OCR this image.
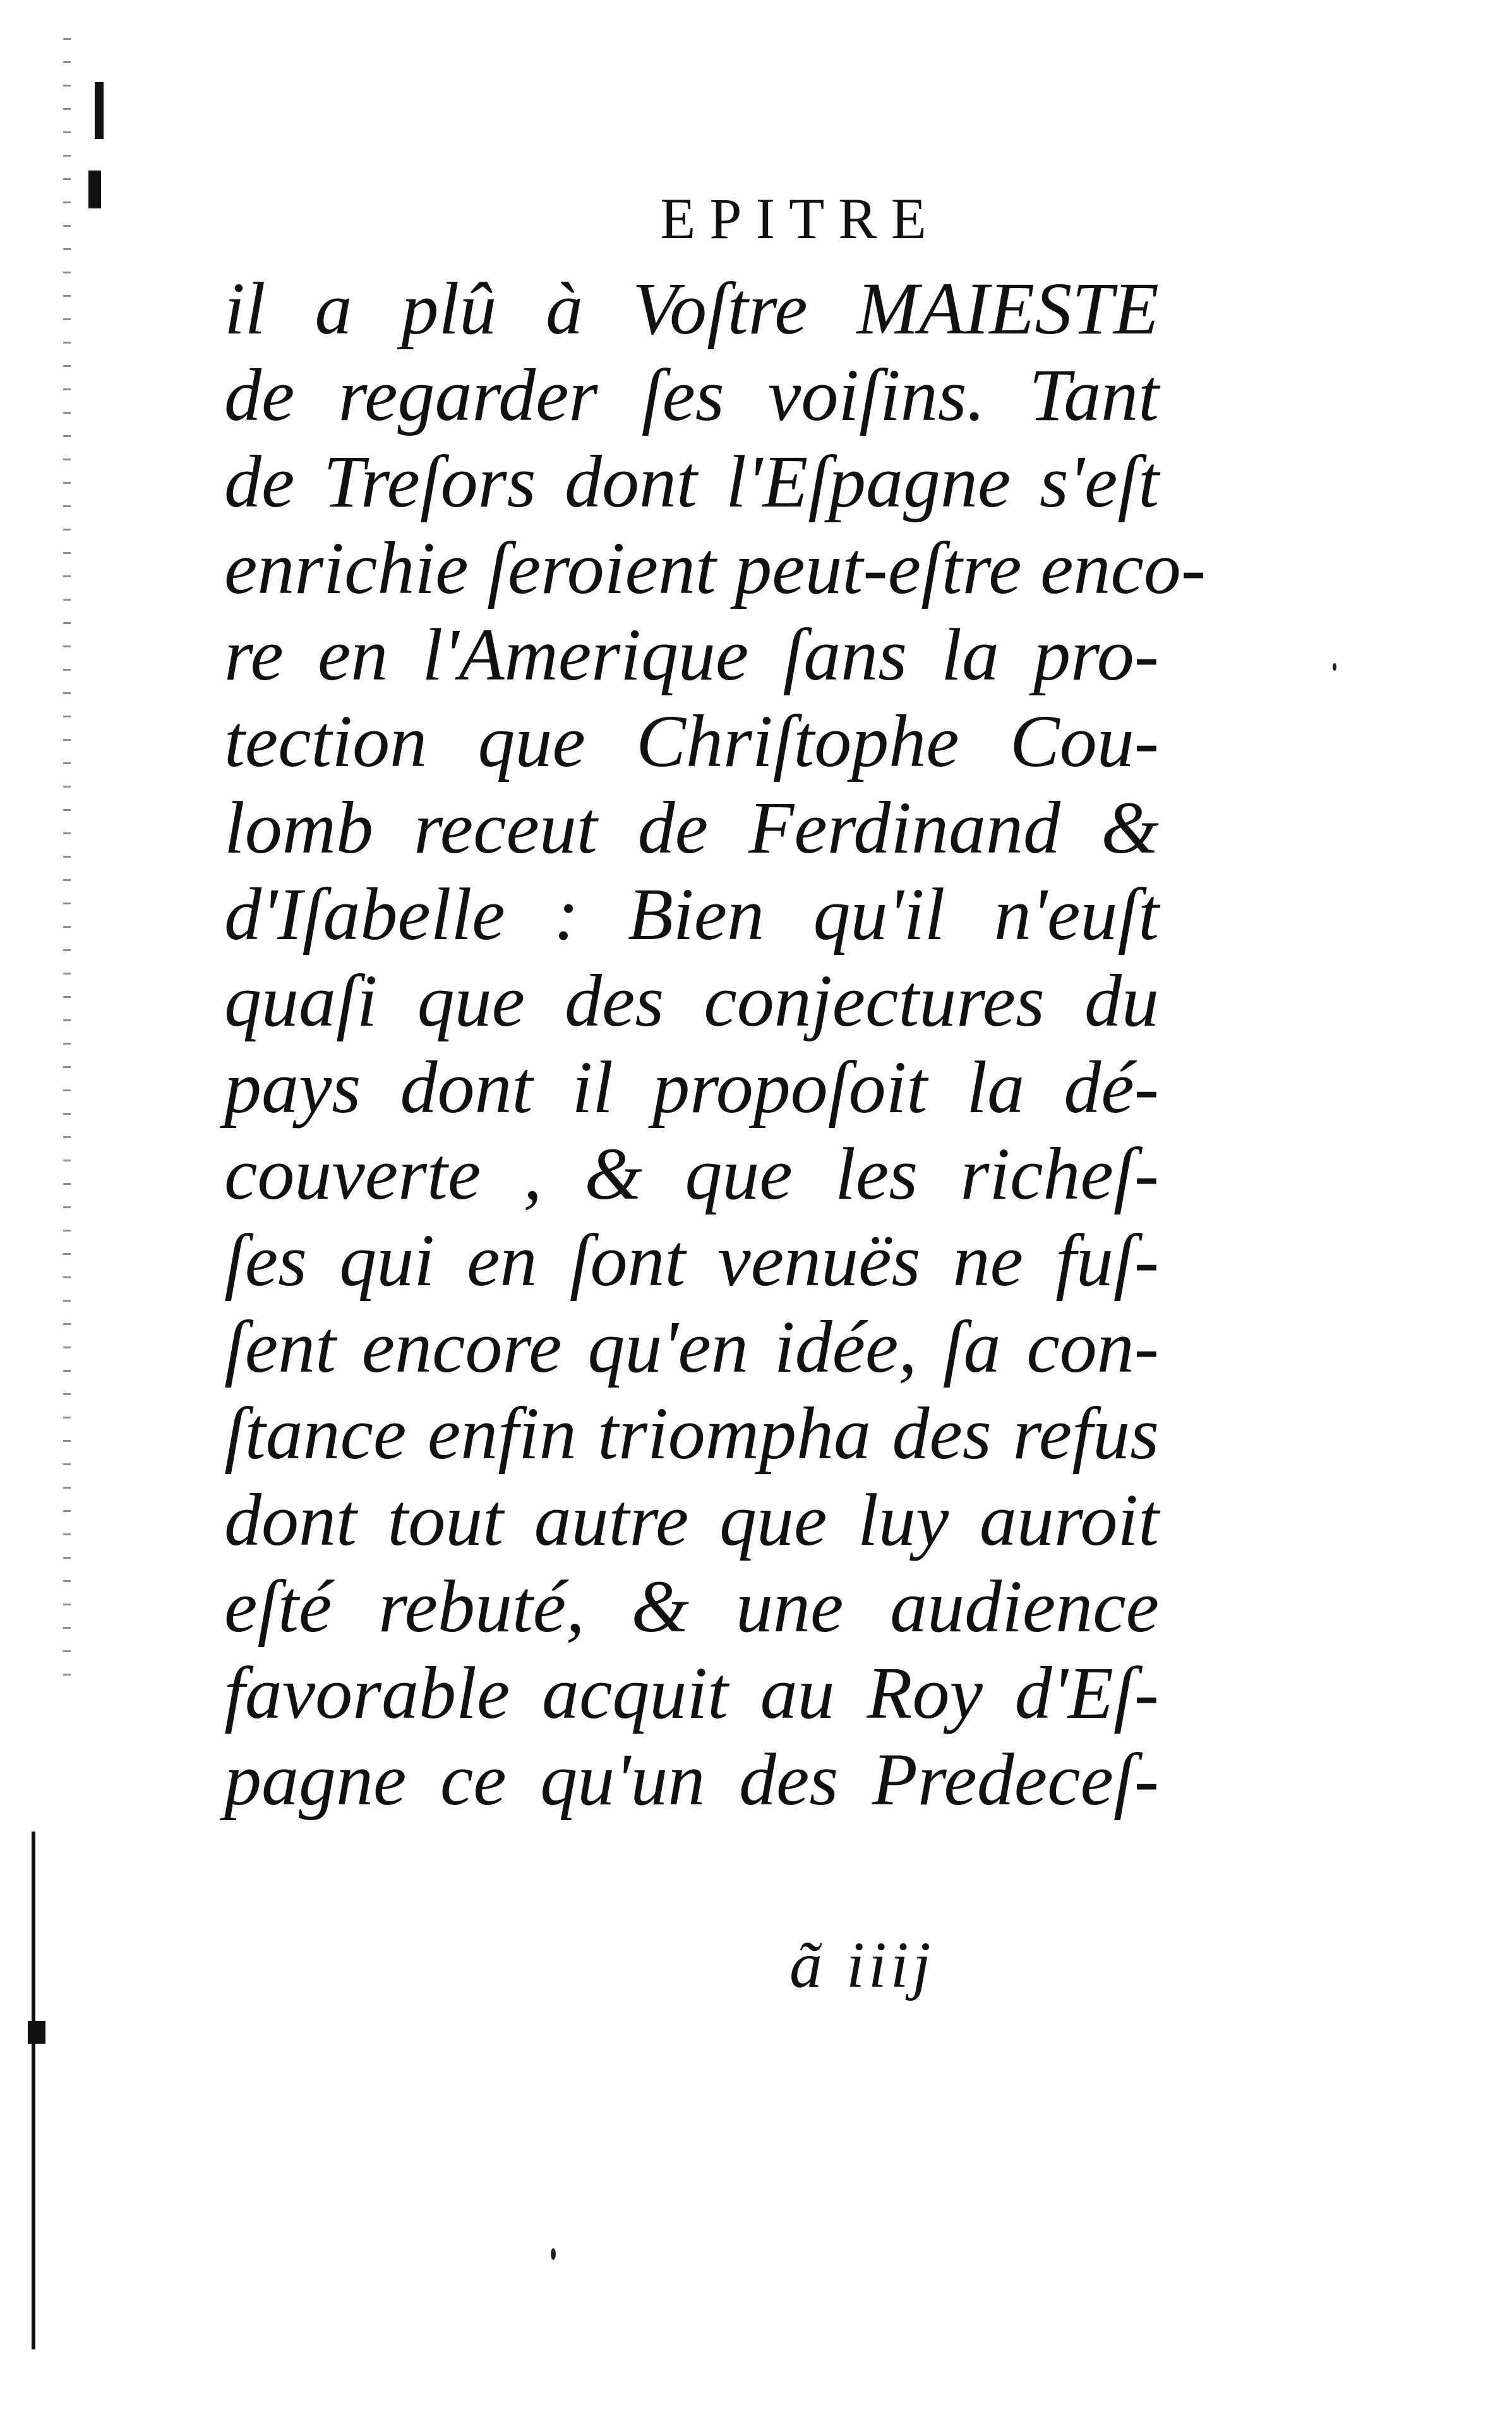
EPITRE
il a plû à Voſtre MAIESTE
de regarder ſes voiſins. Tant
de Treſors dont l'Eſpagne s'eſt
enrichie ſeroient peut-eſtre enco-
re en l'Amerique ſans la pro-
tection que Chriſtophe Cou-
lomb receut de Ferdinand &
d'Iſabelle : Bien qu'il n'euſt
quaſi que des conjectures du
pays dont il propoſoit la dé-
couverte , & que les richeſ-
ſes qui en ſont venuës ne fuſ-
ſent encore qu'en idée, ſa con-
ſtance enfin triompha des refus
dont tout autre que luy auroit
eſté rebuté, & une audience
favorable acquit au Roy d'Eſ-
pagne ce qu'un des Predeceſ-
ã iiij
